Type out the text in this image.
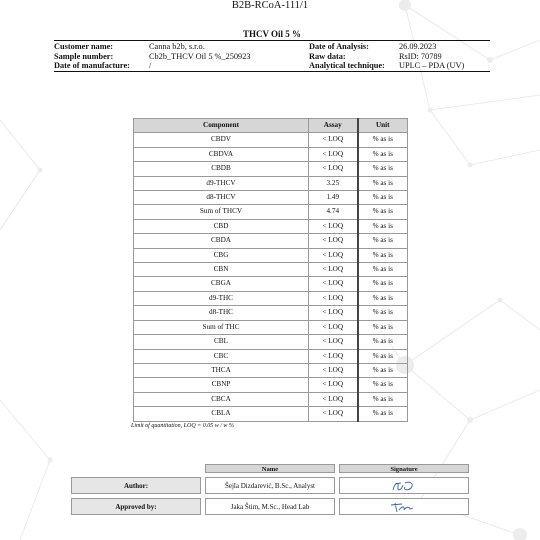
B2B-RCoA-111/1
THCV Oil 5 %
Customer name:	Canna b2b, s.r.o.	Date of Analysis:	26.09.2023
Sample number:	Cb2b_THCV Oil 5 %_250923	Raw data:	RsID: 70789
Date of manufacture:	/	Analytical technique:	UPLC – PDA (UV)
Component	Assay	Unit
CBDV	< LOQ	% as is
CBDVA	< LOQ	% as is
CBDB	< LOQ	% as is
d9-THCV	3.25	% as is
d8-THCV	1.49	% as is
Sum of THCV	4.74	% as is
CBD	< LOQ	% as is
CBDA	< LOQ	% as is
CBG	< LOQ	% as is
CBN	< LOQ	% as is
CBGA	< LOQ	% as is
d9-THC	< LOQ	% as is
d8-THC	< LOQ	% as is
Sum of THC	< LOQ	% as is
CBL	< LOQ	% as is
CBC	< LOQ	% as is
THCA	< LOQ	% as is
CBNP	< LOQ	% as is
CBCA	< LOQ	% as is
CBLA	< LOQ	% as is
Limit of quantitation, LOQ = 0.05 w / w %
Name	Signature
Author:	Šejla Dizdarević, B.Sc., Analyst
Approved by:	Jaka Štim, M.Sc., Head Lab
